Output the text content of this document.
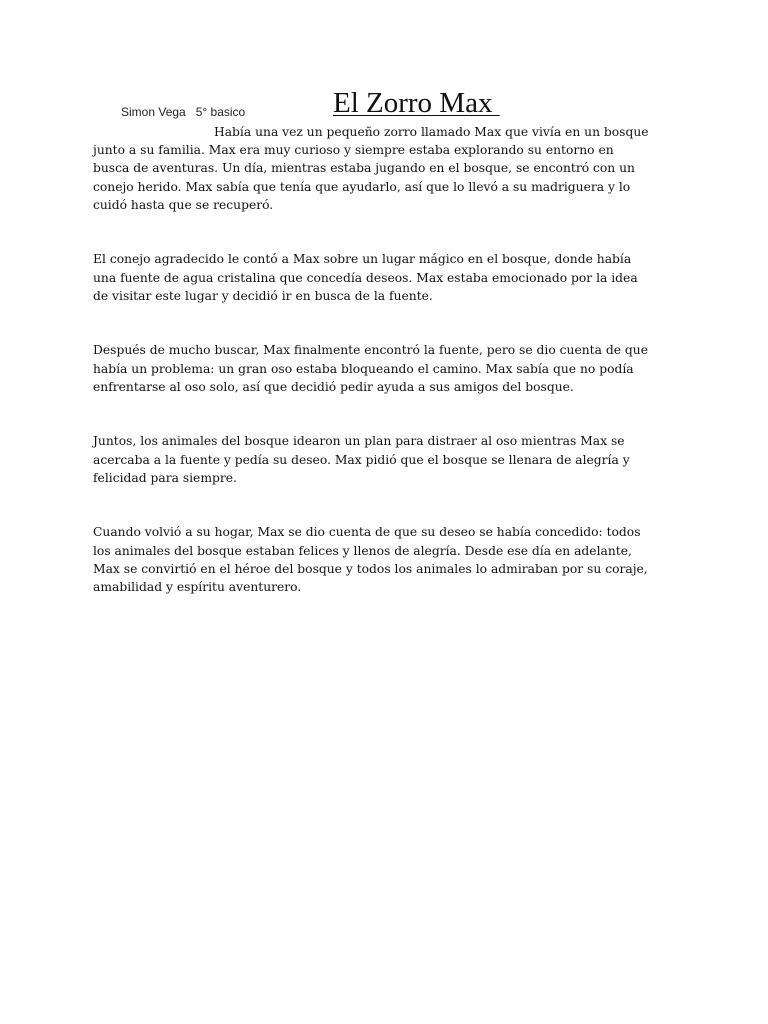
Simon Vega   5° basico	El Zorro Max

Había una vez un pequeño zorro llamado Max que vivía en un bosque
junto a su familia. Max era muy curioso y siempre estaba explorando su entorno en
busca de aventuras. Un día, mientras estaba jugando en el bosque, se encontró con un
conejo herido. Max sabía que tenía que ayudarlo, así que lo llevó a su madriguera y lo
cuidó hasta que se recuperó.

El conejo agradecido le contó a Max sobre un lugar mágico en el bosque, donde había
una fuente de agua cristalina que concedía deseos. Max estaba emocionado por la idea
de visitar este lugar y decidió ir en busca de la fuente.

Después de mucho buscar, Max finalmente encontró la fuente, pero se dio cuenta de que
había un problema: un gran oso estaba bloqueando el camino. Max sabía que no podía
enfrentarse al oso solo, así que decidió pedir ayuda a sus amigos del bosque.

Juntos, los animales del bosque idearon un plan para distraer al oso mientras Max se
acercaba a la fuente y pedía su deseo. Max pidió que el bosque se llenara de alegría y
felicidad para siempre.

Cuando volvió a su hogar, Max se dio cuenta de que su deseo se había concedido: todos
los animales del bosque estaban felices y llenos de alegría. Desde ese día en adelante,
Max se convirtió en el héroe del bosque y todos los animales lo admiraban por su coraje,
amabilidad y espíritu aventurero.
